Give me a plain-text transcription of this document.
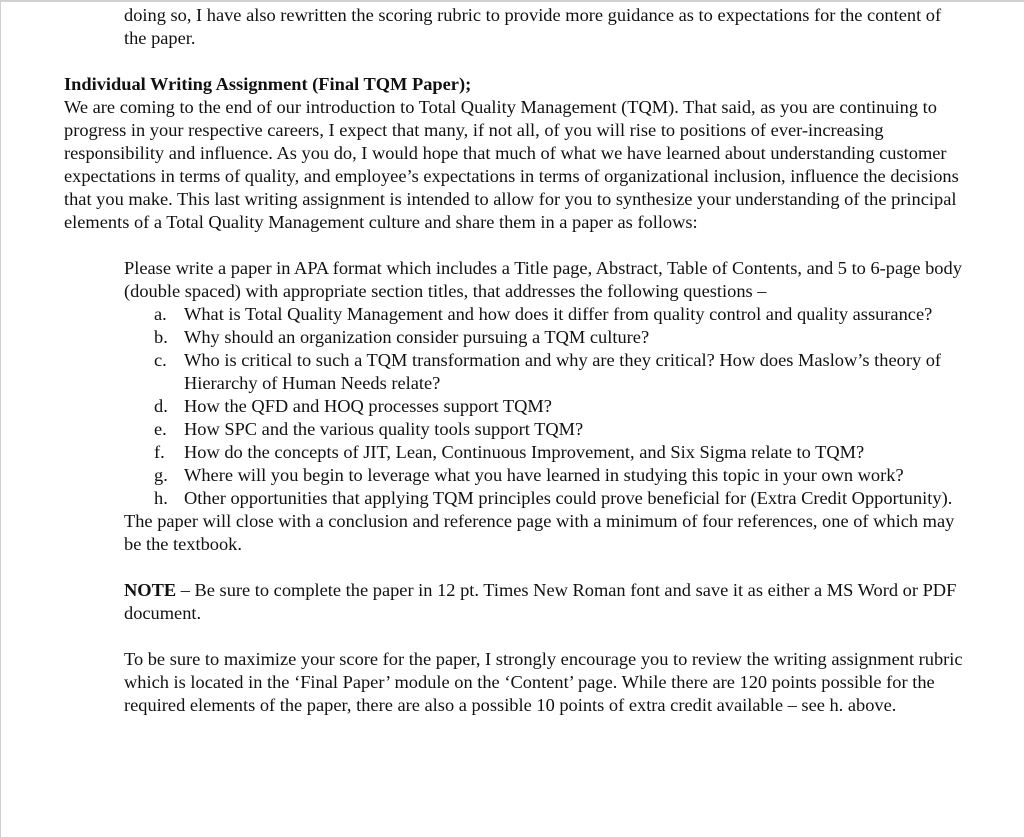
doing so, I have also rewritten the scoring rubric to provide more guidance as to expectations for the content of the paper.

Individual Writing Assignment (Final TQM Paper);

We are coming to the end of our introduction to Total Quality Management (TQM). That said, as you are continuing to progress in your respective careers, I expect that many, if not all, of you will rise to positions of ever-increasing responsibility and influence. As you do, I would hope that much of what we have learned about understanding customer expectations in terms of quality, and employee’s expectations in terms of organizational inclusion, influence the decisions that you make. This last writing assignment is intended to allow for you to synthesize your understanding of the principal elements of a Total Quality Management culture and share them in a paper as follows:

Please write a paper in APA format which includes a Title page, Abstract, Table of Contents, and 5 to 6-page body (double spaced) with appropriate section titles, that addresses the following questions –

a. What is Total Quality Management and how does it differ from quality control and quality assurance?
b. Why should an organization consider pursuing a TQM culture?
c. Who is critical to such a TQM transformation and why are they critical? How does Maslow’s theory of Hierarchy of Human Needs relate?
d. How the QFD and HOQ processes support TQM?
e. How SPC and the various quality tools support TQM?
f. How do the concepts of JIT, Lean, Continuous Improvement, and Six Sigma relate to TQM?
g. Where will you begin to leverage what you have learned in studying this topic in your own work?
h. Other opportunities that applying TQM principles could prove beneficial for (Extra Credit Opportunity).

The paper will close with a conclusion and reference page with a minimum of four references, one of which may be the textbook.

NOTE – Be sure to complete the paper in 12 pt. Times New Roman font and save it as either a MS Word or PDF document.

To be sure to maximize your score for the paper, I strongly encourage you to review the writing assignment rubric which is located in the ‘Final Paper’ module on the ‘Content’ page. While there are 120 points possible for the required elements of the paper, there are also a possible 10 points of extra credit available – see h. above.
